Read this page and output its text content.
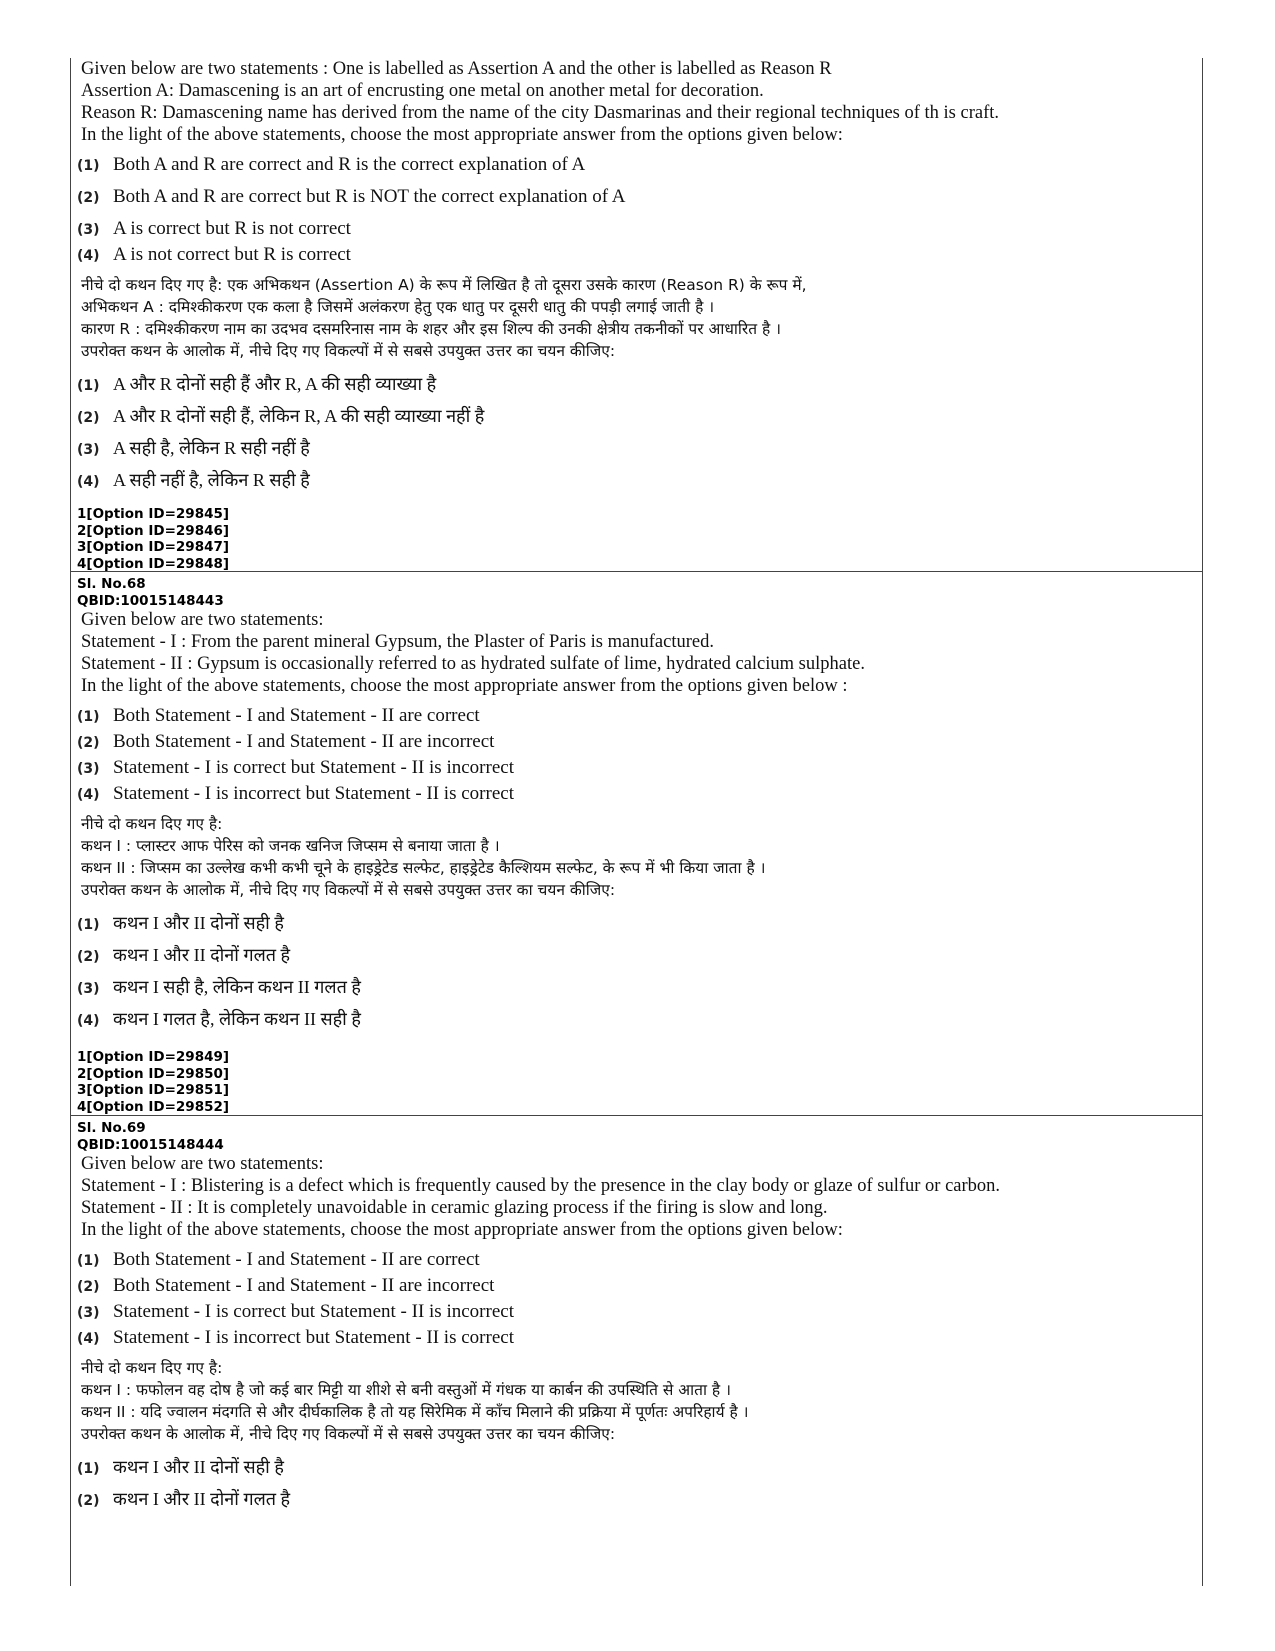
Given below are two statements : One is labelled as Assertion A and the other is labelled as Reason R
Assertion A: Damascening is an art of encrusting one metal on another metal for decoration.
Reason R: Damascening name has derived from the name of the city Dasmarinas and their regional techniques of th is craft.
In the light of the above statements, choose the most appropriate answer from the options given below:
(1) Both A and R are correct and R is the correct explanation of A
(2) Both A and R are correct but R is NOT the correct explanation of A
(3) A is correct but R is not correct
(4) A is not correct but R is correct
नीचे दो कथन दिए गए है: एक अभिकथन (Assertion A) के रूप में लिखित है तो दूसरा उसके कारण (Reason R) के रूप में,
अभिकथन A : दमिश्कीकरण एक कला है जिसमें अलंकरण हेतु एक धातु पर दूसरी धातु की पपड़ी लगाई जाती है ।
कारण R : दमिश्कीकरण नाम का उदभव दसमरिनास नाम के शहर और इस शिल्प की उनकी क्षेत्रीय तकनीकों पर आधारित है ।
उपरोक्त कथन के आलोक में, नीचे दिए गए विकल्पों में से सबसे उपयुक्त उत्तर का चयन कीजिए:
(1) A और R दोनों सही हैं और R, A की सही व्याख्या है
(2) A और R दोनों सही हैं, लेकिन R, A की सही व्याख्या नहीं है
(3) A सही है, लेकिन R सही नहीं है
(4) A सही नहीं है, लेकिन R सही है
1[Option ID=29845]
2[Option ID=29846]
3[Option ID=29847]
4[Option ID=29848]
Sl. No.68
QBID:10015148443
Given below are two statements:
Statement - I : From the parent mineral Gypsum, the Plaster of Paris is manufactured.
Statement - II : Gypsum is occasionally referred to as hydrated sulfate of lime, hydrated calcium sulphate.
In the light of the above statements, choose the most appropriate answer from the options given below :
(1) Both Statement - I and Statement - II are correct
(2) Both Statement - I and Statement - II are incorrect
(3) Statement - I is correct but Statement - II is incorrect
(4) Statement - I is incorrect but Statement - II is correct
नीचे दो कथन दिए गए है:
कथन I : प्लास्टर आफ पेरिस को जनक खनिज जिप्सम से बनाया जाता है ।
कथन II : जिप्सम का उल्लेख कभी कभी चूने के हाइड्रेटेड सल्फेट, हाइड्रेटेड कैल्शियम सल्फेट, के रूप में भी किया जाता है ।
उपरोक्त कथन के आलोक में, नीचे दिए गए विकल्पों में से सबसे उपयुक्त उत्तर का चयन कीजिए:
(1) कथन I और II दोनों सही है
(2) कथन I और II दोनों गलत है
(3) कथन I सही है, लेकिन कथन II गलत है
(4) कथन I गलत है, लेकिन कथन II सही है
1[Option ID=29849]
2[Option ID=29850]
3[Option ID=29851]
4[Option ID=29852]
Sl. No.69
QBID:10015148444
Given below are two statements:
Statement - I : Blistering is a defect which is frequently caused by the presence in the clay body or glaze of sulfur or carbon.
Statement - II : It is completely unavoidable in ceramic glazing process if the firing is slow and long.
In the light of the above statements, choose the most appropriate answer from the options given below:
(1) Both Statement - I and Statement - II are correct
(2) Both Statement - I and Statement - II are incorrect
(3) Statement - I is correct but Statement - II is incorrect
(4) Statement - I is incorrect but Statement - II is correct
नीचे दो कथन दिए गए है:
कथन I : फफोलन वह दोष है जो कई बार मिट्टी या शीशे से बनी वस्तुओं में गंधक या कार्बन की उपस्थिति से आता है ।
कथन II : यदि ज्वालन मंदगति से और दीर्घकालिक है तो यह सिरेमिक में काँच मिलाने की प्रक्रिया में पूर्णतः अपरिहार्य है ।
उपरोक्त कथन के आलोक में, नीचे दिए गए विकल्पों में से सबसे उपयुक्त उत्तर का चयन कीजिए:
(1) कथन I और II दोनों सही है
(2) कथन I और II दोनों गलत है
